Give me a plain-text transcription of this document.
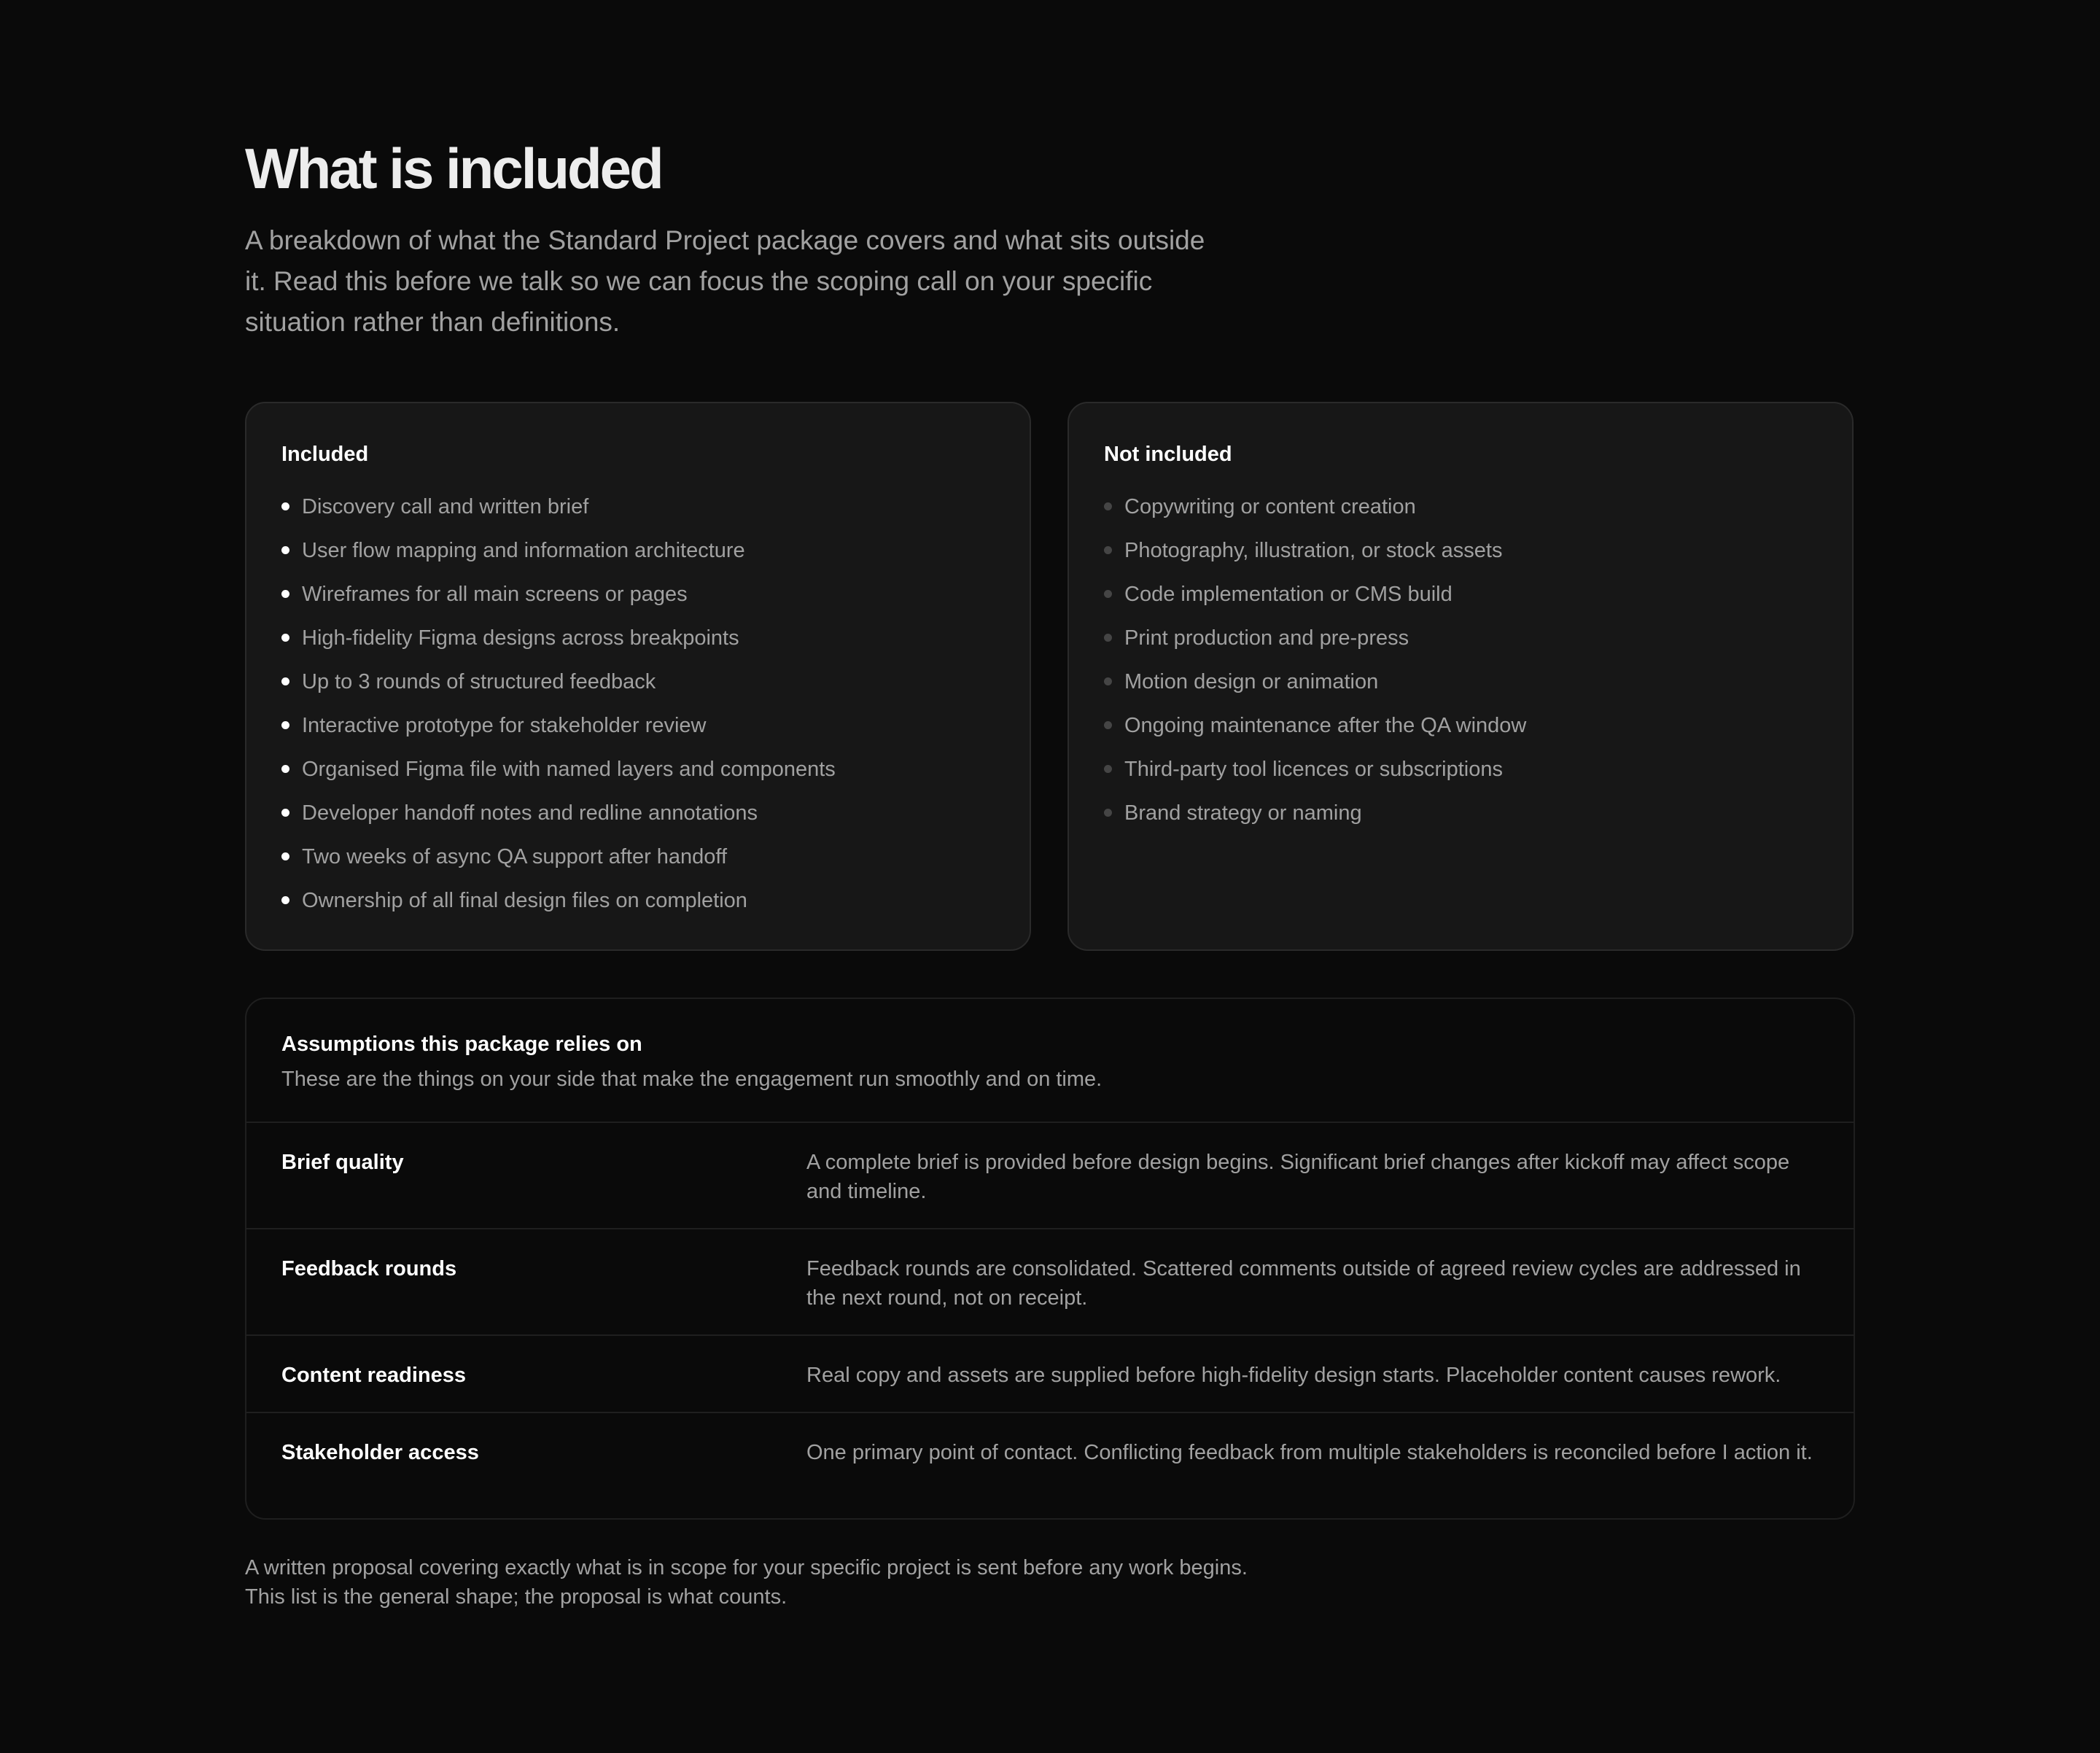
What is included

A breakdown of what the Standard Project package covers and what sits outside it. Read this before we talk so we can focus the scoping call on your specific situation rather than definitions.

Included
Discovery call and written brief
User flow mapping and information architecture
Wireframes for all main screens or pages
High-fidelity Figma designs across breakpoints
Up to 3 rounds of structured feedback
Interactive prototype for stakeholder review
Organised Figma file with named layers and components
Developer handoff notes and redline annotations
Two weeks of async QA support after handoff
Ownership of all final design files on completion
Not included
Copywriting or content creation
Photography, illustration, or stock assets
Code implementation or CMS build
Print production and pre-press
Motion design or animation
Ongoing maintenance after the QA window
Third-party tool licences or subscriptions
Brand strategy or naming
Assumptions this package relies on
These are the things on your side that make the engagement run smoothly and on time.
Brief quality	A complete brief is provided before design begins. Significant brief changes after kickoff may affect scope and timeline.
Feedback rounds	Feedback rounds are consolidated. Scattered comments outside of agreed review cycles are addressed in the next round, not on receipt.
Content readiness	Real copy and assets are supplied before high-fidelity design starts. Placeholder content causes rework.
Stakeholder access	One primary point of contact. Conflicting feedback from multiple stakeholders is reconciled before I action it.

A written proposal covering exactly what is in scope for your specific project is sent before any work begins. This list is the general shape; the proposal is what counts.
